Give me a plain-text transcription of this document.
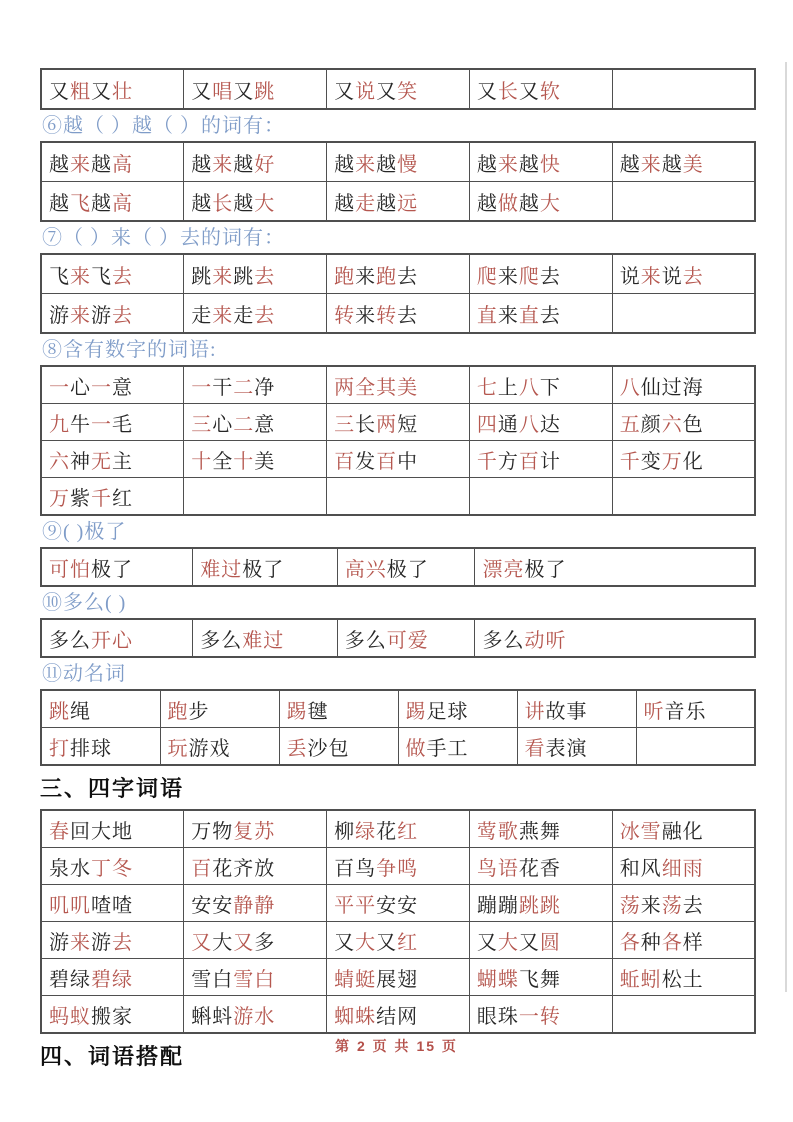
又粗又壮	又唱又跳	又说又笑	又长又软	
⑥越（ ）越（ ）的词有：
越来越高	越来越好	越来越慢	越来越快	越来越美
越飞越高	越长越大	越走越远	越做越大	
⑦（ ）来（ ）去的词有：
飞来飞去	跳来跳去	跑来跑去	爬来爬去	说来说去
游来游去	走来走去	转来转去	直来直去	
⑧含有数字的词语:
一心一意	一干二净	两全其美	七上八下	八仙过海
九牛一毛	三心二意	三长两短	四通八达	五颜六色
六神无主	十全十美	百发百中	千方百计	千变万化
万紫千红				
⑨( )极了
可怕极了	难过极了	高兴极了	漂亮极了
⑩多么( )
多么开心	多么难过	多么可爱	多么动听
⑪动名词
跳绳	跑步	踢毽	踢足球	讲故事	听音乐
打排球	玩游戏	丢沙包	做手工	看表演	
三、四字词语
春回大地	万物复苏	柳绿花红	莺歌燕舞	冰雪融化
泉水丁冬	百花齐放	百鸟争鸣	鸟语花香	和风细雨
叽叽喳喳	安安静静	平平安安	蹦蹦跳跳	荡来荡去
游来游去	又大又多	又大又红	又大又圆	各种各样
碧绿碧绿	雪白雪白	蜻蜓展翅	蝴蝶飞舞	蚯蚓松土
蚂蚁搬家	蝌蚪游水	蜘蛛结网	眼珠一转	
四、词语搭配	第 2 页 共 15 页
